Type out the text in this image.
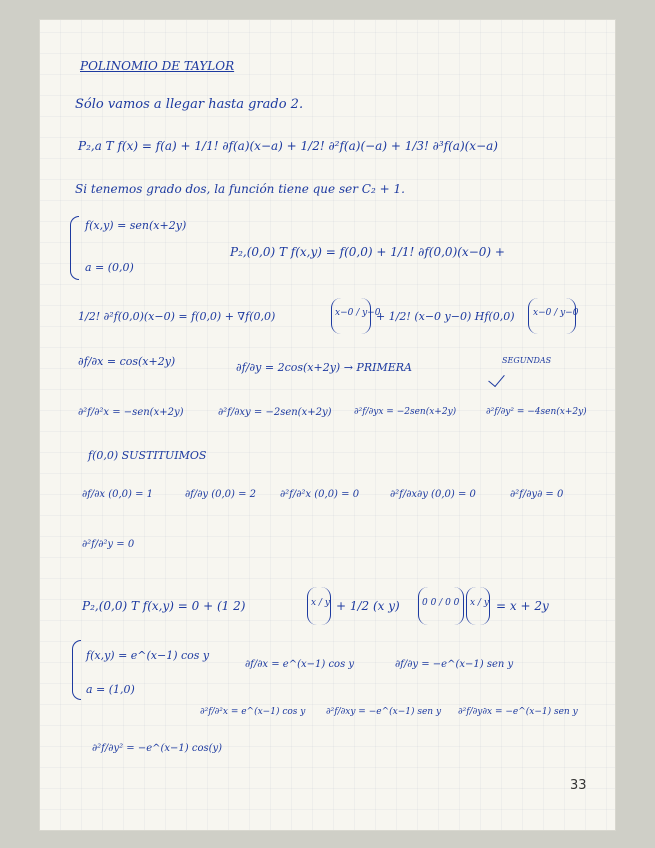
POLINOMIO DE TAYLOR
Sólo vamos a llegar hasta grado 2.
P₂,a T f(x) = f(a) + 1/1! ∂f(a)(x−a) + 1/2! ∂²f(a)(−a) + 1/3! ∂³f(a)(x−a)
Si tenemos grado dos, la función tiene que ser C₂ + 1.
f(x,y) = sen(x+2y)
a = (0,0)
P₂,(0,0) T f(x,y) = f(0,0) + 1/1! ∂f(0,0)(x−0) +
1/2! ∂²f(0,0)(x−0) = f(0,0) + ∇f(0,0)	x−0 / y−0
+ 1/2! (x−0 y−0) Hf(0,0) x−0 / y−0
∂f/∂x = cos(x+2y)	∂f/∂y = 2cos(x+2y) → PRIMERA
SEGUNDAS
∂²f/∂²x = −sen(x+2y)	∂²f/∂xy = −2sen(x+2y) ∂²f/∂yx = −2sen(x+2y)	∂²f/∂y² = −4sen(x+2y)
f(0,0) SUSTITUIMOS
∂f/∂x (0,0) = 1	∂f/∂y (0,0) = 2 ∂²f/∂²x (0,0) = 0	∂²f/∂x∂y (0,0) = 0	∂²f/∂y∂ = 0
∂²f/∂²y = 0
P₂,(0,0) T f(x,y) = 0 + (1 2)	x / y + 1/2 (x y) 0 0 / 0 0 x / y = x + 2y
f(x,y) = e^(x−1) cos y
a = (1,0)
∂f/∂x = e^(x−1) cos y	∂f/∂y = −e^(x−1) sen y
∂²f/∂²x = e^(x−1) cos y ∂²f/∂xy = −e^(x−1) sen y ∂²f/∂y∂x = −e^(x−1) sen y
∂²f/∂y² = −e^(x−1) cos(y)
33
